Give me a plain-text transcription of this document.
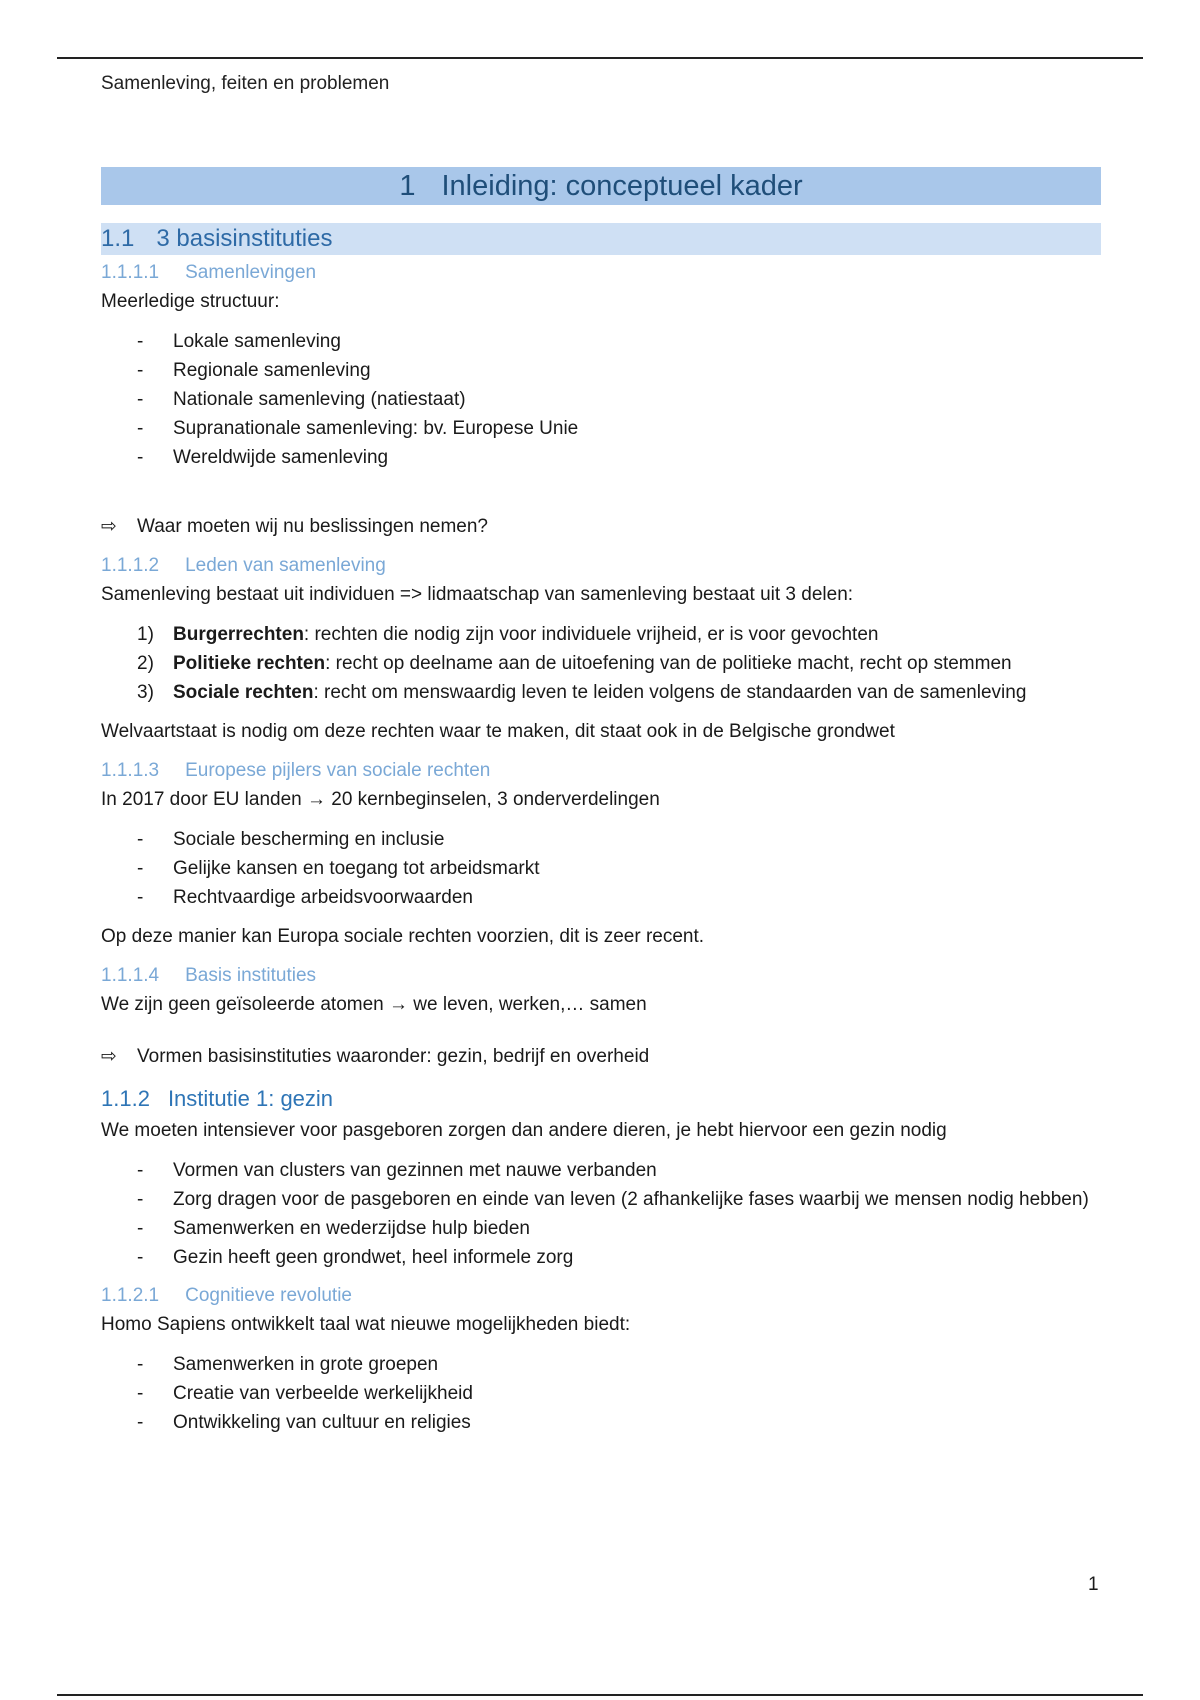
Samenleving, feiten en problemen
1 Inleiding: conceptueel kader
1.1 3 basisinstituties
1.1.1.1 Samenlevingen

Meerledige structuur:

- Lokale samenleving
- Regionale samenleving
- Nationale samenleving (natiestaat)
- Supranationale samenleving: bv. Europese Unie
- Wereldwijde samenleving
⇨ Waar moeten wij nu beslissingen nemen?
1.1.1.2 Leden van samenleving

Samenleving bestaat uit individuen => lidmaatschap van samenleving bestaat uit 3 delen:

1) Burgerrechten: rechten die nodig zijn voor individuele vrijheid, er is voor gevochten
2) Politieke rechten: recht op deelname aan de uitoefening van de politieke macht, recht op stemmen
3) Sociale rechten: recht om menswaardig leven te leiden volgens de standaarden van de samenleving

Welvaartstaat is nodig om deze rechten waar te maken, dit staat ook in de Belgische grondwet

1.1.1.3 Europese pijlers van sociale rechten

In 2017 door EU landen → 20 kernbeginselen, 3 onderverdelingen

- Sociale bescherming en inclusie
- Gelijke kansen en toegang tot arbeidsmarkt
- Rechtvaardige arbeidsvoorwaarden

Op deze manier kan Europa sociale rechten voorzien, dit is zeer recent.

1.1.1.4 Basis instituties

We zijn geen geïsoleerde atomen → we leven, werken,… samen

⇨ Vormen basisinstituties waaronder: gezin, bedrijf en overheid
1.1.2 Institutie 1: gezin

We moeten intensiever voor pasgeboren zorgen dan andere dieren, je hebt hiervoor een gezin nodig

- Vormen van clusters van gezinnen met nauwe verbanden
- Zorg dragen voor de pasgeboren en einde van leven (2 afhankelijke fases waarbij we mensen nodig hebben)
- Samenwerken en wederzijdse hulp bieden
- Gezin heeft geen grondwet, heel informele zorg
1.1.2.1 Cognitieve revolutie

Homo Sapiens ontwikkelt taal wat nieuwe mogelijkheden biedt:

- Samenwerken in grote groepen
- Creatie van verbeelde werkelijkheid
- Ontwikkeling van cultuur en religies
1
